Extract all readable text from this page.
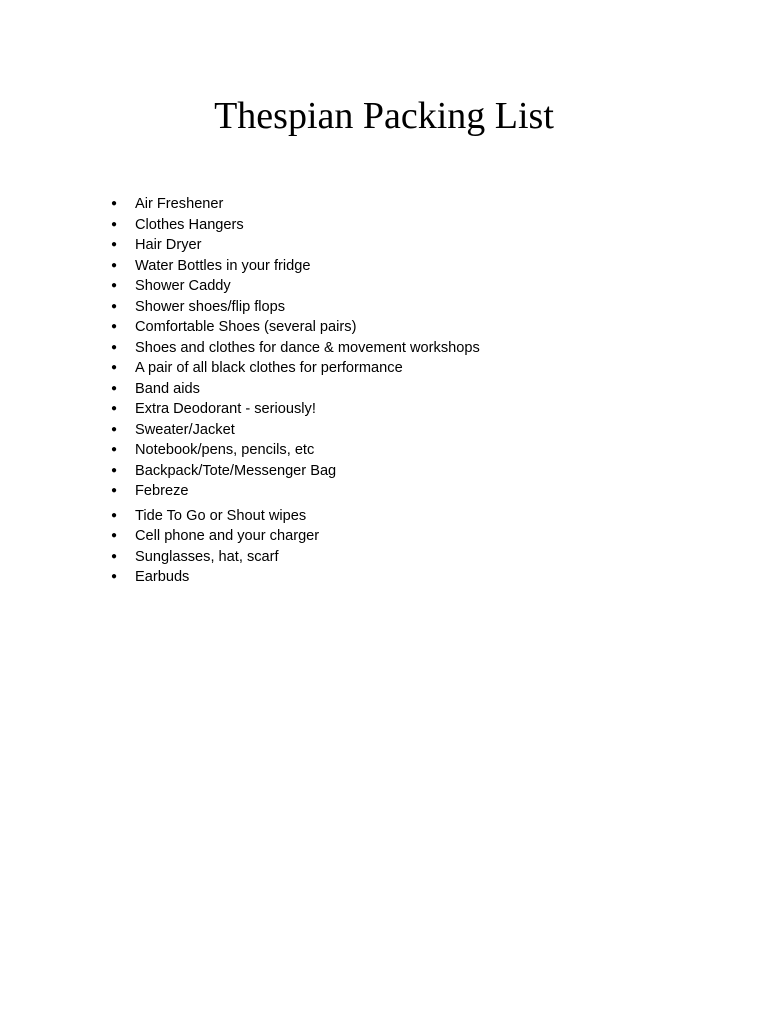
Thespian Packing List
●	Air Freshener
●	Clothes Hangers
●	Hair Dryer
●	Water Bottles in your fridge
●	Shower Caddy
●	Shower shoes/flip flops
●	Comfortable Shoes (several pairs)
●	Shoes and clothes for dance & movement workshops
●	A pair of all black clothes for performance
●	Band aids
●	Extra Deodorant - seriously!
●	Sweater/Jacket
●	Notebook/pens, pencils, etc
●	Backpack/Tote/Messenger Bag
●	Febreze
●	Tide To Go or Shout wipes
●	Cell phone and your charger
●	Sunglasses, hat, scarf
●	Earbuds
